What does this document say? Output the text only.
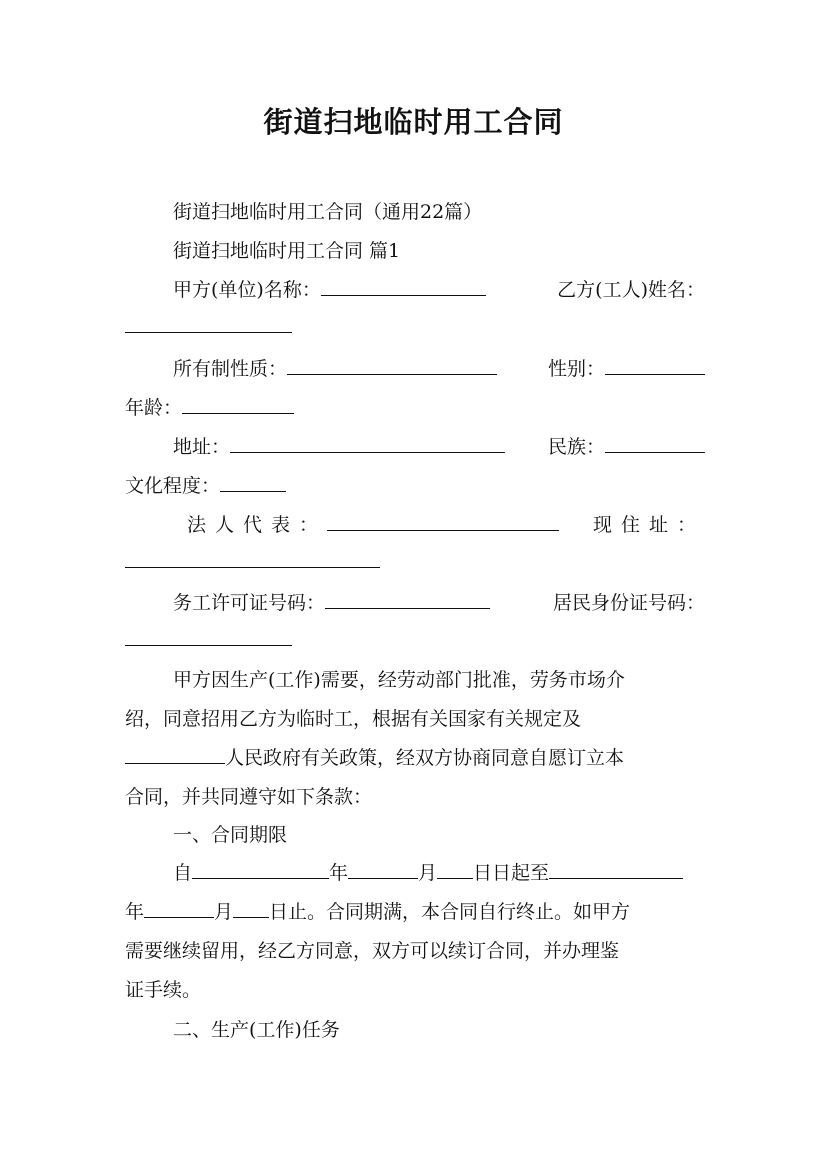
街道扫地临时用工合同
街道扫地临时用工合同（通用22篇）
街道扫地临时用工合同 篇1
甲方(单位)名称：	乙方(工人)姓名：
所有制性质：	性别：
年龄：
地址：	民族：
文化程度：
法人代表：	现住址：
务工许可证号码：	居民身份证号码：
甲方因生产(工作)需要，经劳动部门批准，劳务市场介
绍，同意招用乙方为临时工，根据有关国家有关规定及
人民政府有关政策，经双方协商同意自愿订立本
合同，并共同遵守如下条款：
一、合同期限
自	年	月 日日起至
年	月 日止。合同期满，本合同自行终止。如甲方
需要继续留用，经乙方同意，双方可以续订合同，并办理鉴
证手续。
二、生产(工作)任务
